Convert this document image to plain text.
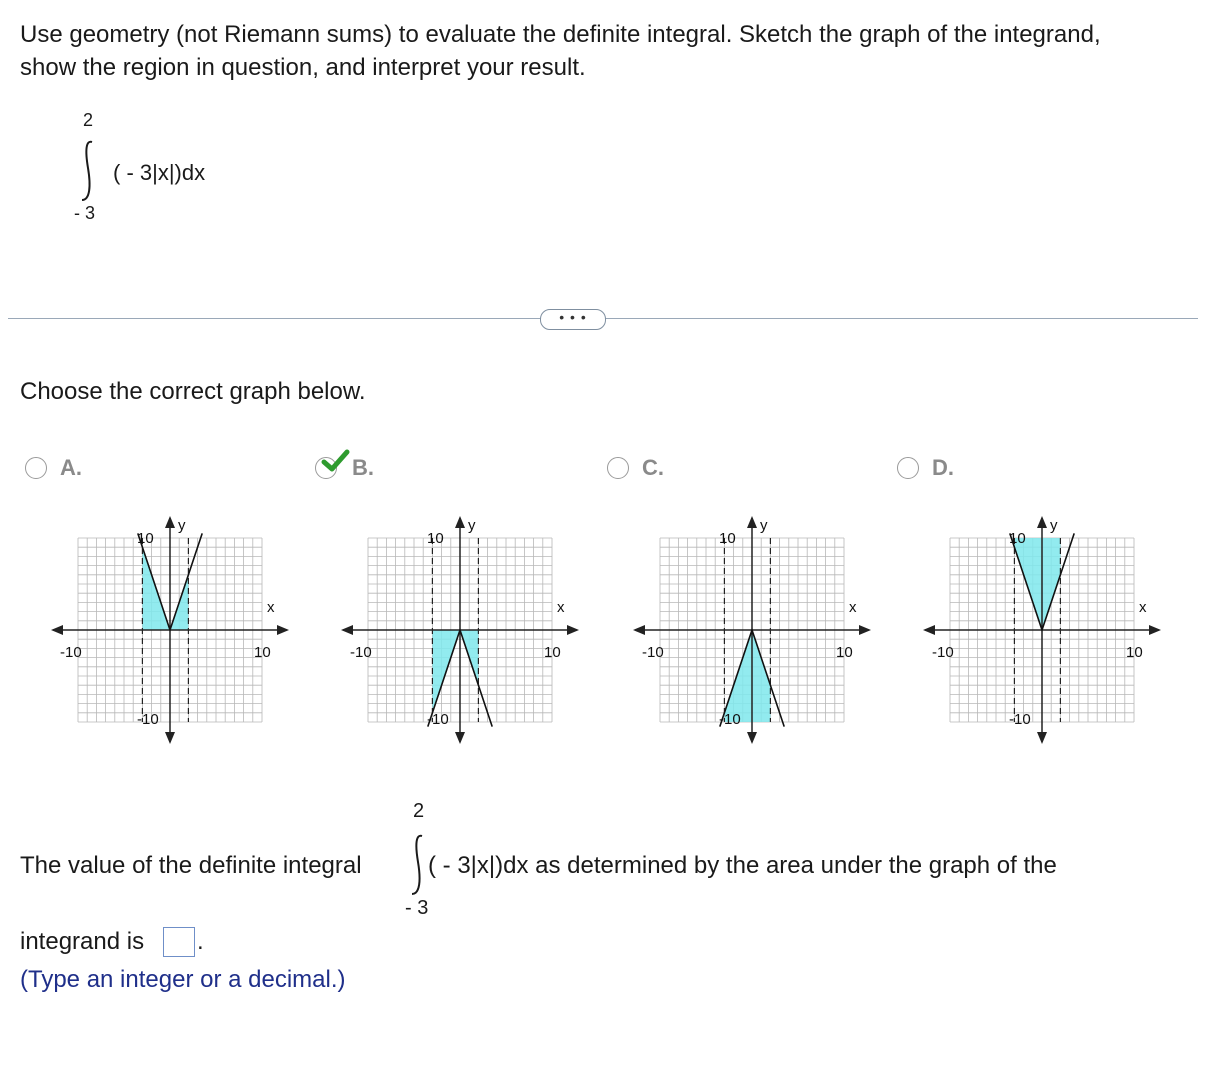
Use geometry (not Riemann sums) to evaluate the definite integral. Sketch the graph of the integrand, show the region in question, and interpret your result.
2
( - 3|x|)dx
- 3
• • •
Choose the correct graph below.
A.	B.	C.	D.
-10	10
10
-10
x
y
-10	10
10
-10
x
y
-10	10
10
-10
x
y
-10	10
10
-10
x
y
The value of the definite integral
2
( - 3|x|)dx as determined by the area under the graph of the
- 3
integrand is .
(Type an integer or a decimal.)
